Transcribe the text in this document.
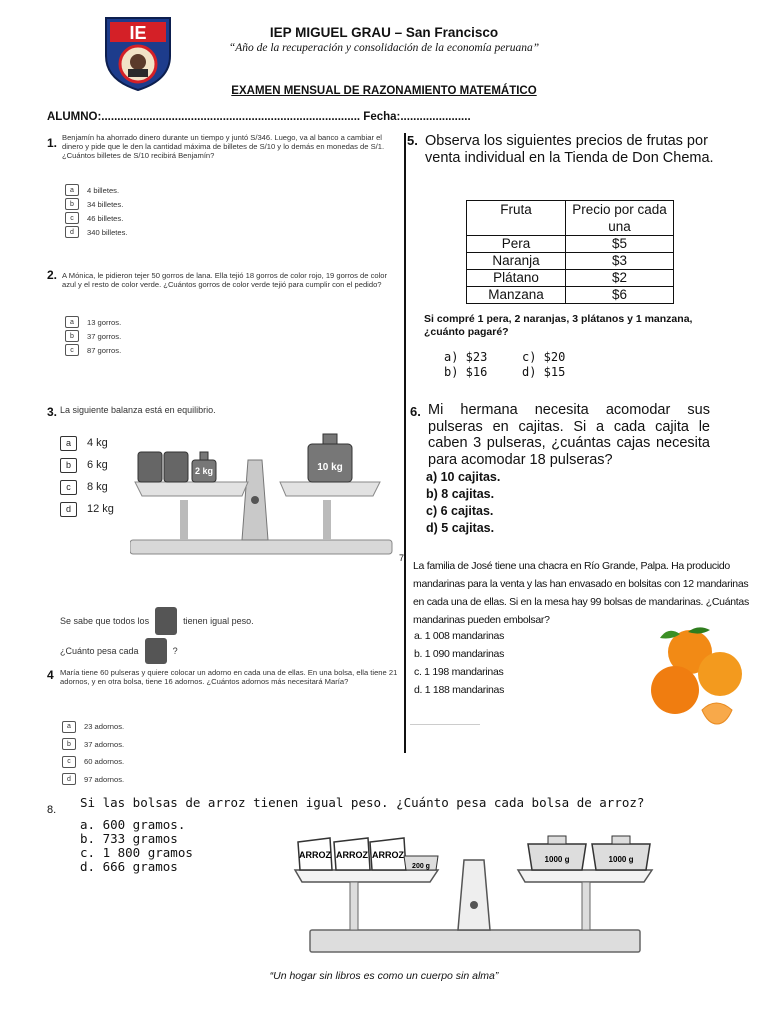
IE	IEP MIGUEL GRAU – San Francisco
“Año de la recuperación y consolidación de la economía peruana”
EXAMEN MENSUAL DE RAZONAMIENTO MATEMÁTICO
ALUMNO:................................................................................. Fecha:......................
1. Benjamín ha ahorrado dinero durante un tiempo y juntó S/346. Luego, va al banco a cambiar el dinero y pide que le den la cantidad máxima de billetes de S/10 y lo demás en monedas de S/1. ¿Cuántos billetes de S/10 recibirá Benjamín?
a	4 billetes.
b	34 billetes.
c	46 billetes.
d	340 billetes.
2. A Mónica, le pidieron tejer 50 gorros de lana. Ella tejió 18 gorros de color rojo, 19 gorros de color azul y el resto de color verde. ¿Cuántos gorros de color verde tejió para cumplir con el pedido?
a	13 gorros.
b	37 gorros.
c	87 gorros.
3. La siguiente balanza está en equilibrio.
a	4 kg
b	6 kg
c	8 kg
d	12 kg
2 kg	10 kg
Se sabe que todos los	tienen igual peso.
¿Cuánto pesa cada	?
4 María tiene 60 pulseras y quiere colocar un adorno en cada una de ellas. En una bolsa, ella tiene 21 adornos, y en otra bolsa, tiene 16 adornos. ¿Cuántos adornos más necesitará María?
a	23 adornos.
b	37 adornos.
c	60 adornos.
d	97 adornos.
5. Observa los siguientes precios de frutas por venta individual en la Tienda de Don Chema.
Fruta	Precio por cada una
Pera	$5
Naranja	$3
Plátano	$2
Manzana	$6
Si compré 1 pera, 2 naranjas, 3 plátanos y 1 manzana, ¿cuánto pagaré?
a) $23	c) $20
b) $16	d) $15
6. Mi hermana necesita acomodar sus pulseras en cajitas. Si a cada cajita le caben 3 pulseras, ¿cuántas cajas necesita para acomodar 18 pulseras?
a) 10 cajitas.
b) 8 cajitas.
c) 6 cajitas.
d) 5 cajitas.
7
La familia de José tiene una chacra en Río Grande, Palpa. Ha producido mandarinas para la venta y las han envasado en bolsitas con 12 mandarinas en cada una de ellas. Si en la mesa hay 99 bolsas de mandarinas. ¿Cuántas mandarinas pueden embolsar?
a. 1 008 mandarinas
b. 1 090 mandarinas
c. 1 198 mandarinas
d. 1 188 mandarinas
8. Si las bolsas de arroz tienen igual peso. ¿Cuánto pesa cada bolsa de arroz?
a. 600 gramos.
b. 733 gramos
c. 1 800 gramos
d. 666 gramos
ARROZ ARROZ ARROZ
200 g
1000 g	1000 g
“Un hogar sin libros es como un cuerpo sin alma”
